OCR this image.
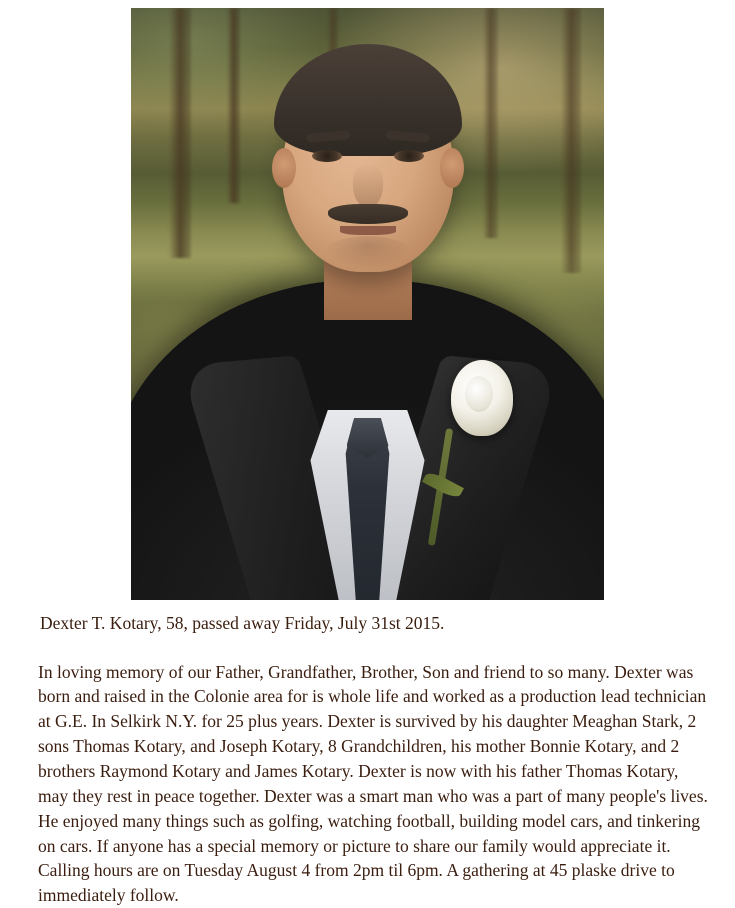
Dexter T. Kotary, 58, passed away Friday, July 31st 2015.

In loving memory of our Father, Grandfather, Brother, Son and friend to so many. Dexter was born and raised in the Colonie area for is whole life and worked as a production lead technician at G.E. In Selkirk N.Y. for 25 plus years. Dexter is survived by his daughter Meaghan Stark, 2 sons Thomas Kotary, and Joseph Kotary, 8 Grandchildren, his mother Bonnie Kotary, and 2 brothers Raymond Kotary and James Kotary. Dexter is now with his father Thomas Kotary, may they rest in peace together. Dexter was a smart man who was a part of many people's lives. He enjoyed many things such as golfing, watching football, building model cars, and tinkering on cars. If anyone has a special memory or picture to share our family would appreciate it. Calling hours are on Tuesday August 4 from 2pm til 6pm. A gathering at 45 plaske drive to immediately follow.
